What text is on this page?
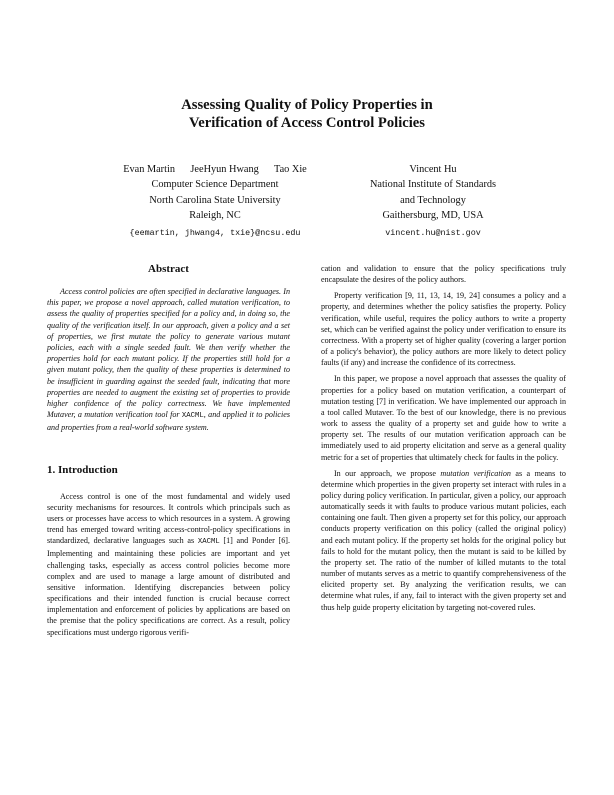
Assessing Quality of Policy Properties in
Verification of Access Control Policies
Evan Martin      JeeHyun Hwang      Tao Xie
Computer Science Department
North Carolina State University
Raleigh, NC
{eemartin, jhwang4, txie}@ncsu.edu
Vincent Hu
National Institute of Standards
and Technology
Gaithersburg, MD, USA
vincent.hu@nist.gov
Abstract

Access control policies are often specified in declarative languages. In this paper, we propose a novel approach, called mutation verification, to assess the quality of properties specified for a policy and, in doing so, the quality of the verification itself. In our approach, given a policy and a set of properties, we first mutate the policy to generate various mutant policies, each with a single seeded fault. We then verify whether the properties hold for each mutant policy. If the properties still hold for a given mutant policy, then the quality of these properties is determined to be insufficient in guarding against the seeded fault, indicating that more properties are needed to augment the existing set of properties to provide higher confidence of the policy correctness. We have implemented Mutaver, a mutation verification tool for XACML, and applied it to policies and properties from a real-world software system.

1. Introduction

Access control is one of the most fundamental and widely used security mechanisms for resources. It controls which principals such as users or processes have access to which resources in a system. A growing trend has emerged toward writing access-control-policy specifications in standardized, declarative languages such as XACML [1] and Ponder [6]. Implementing and maintaining these policies are important and yet challenging tasks, especially as access control policies become more complex and are used to manage a large amount of distributed and sensitive information. Identifying discrepancies between policy specifications and their intended function is crucial because correct implementation and enforcement of policies by applications are based on the premise that the policy specifications are correct. As a result, policy specifications must undergo rigorous verifi-

cation and validation to ensure that the policy specifications truly encapsulate the desires of the policy authors.

Property verification [9, 11, 13, 14, 19, 24] consumes a policy and a property, and determines whether the policy satisfies the property. Policy verification, while useful, requires the policy authors to write a property set, which can be verified against the policy under verification to ensure its correctness. With a property set of higher quality (covering a larger portion of a policy's behavior), the policy authors are more likely to detect policy faults (if any) and increase the confidence of its correctness.

In this paper, we propose a novel approach that assesses the quality of properties for a policy based on mutation verification, a counterpart of mutation testing [7] in verification. We have implemented our approach in a tool called Mutaver. To the best of our knowledge, there is no previous work to assess the quality of a property set and guide how to write a property set. The results of our mutation verification approach can be immediately used to aid property elicitation and serve as a general quality metric for a set of properties that ultimately check for faults in the policy.

In our approach, we propose mutation verification as a means to determine which properties in the given property set interact with rules in a policy during policy verification. In particular, given a policy, our approach automatically seeds it with faults to produce various mutant policies, each containing one fault. Then given a property set for this policy, our approach conducts property verification on this policy (called the original policy) and each mutant policy. If the property set holds for the original policy but fails to hold for the mutant policy, then the mutant is said to be killed by the property set. The ratio of the number of killed mutants to the total number of mutants serves as a metric to quantify comprehensiveness of the elicited property set. By analyzing the verification results, we can determine what rules, if any, fail to interact with the given property set and thus help guide property elicitation by targeting not-covered rules.
